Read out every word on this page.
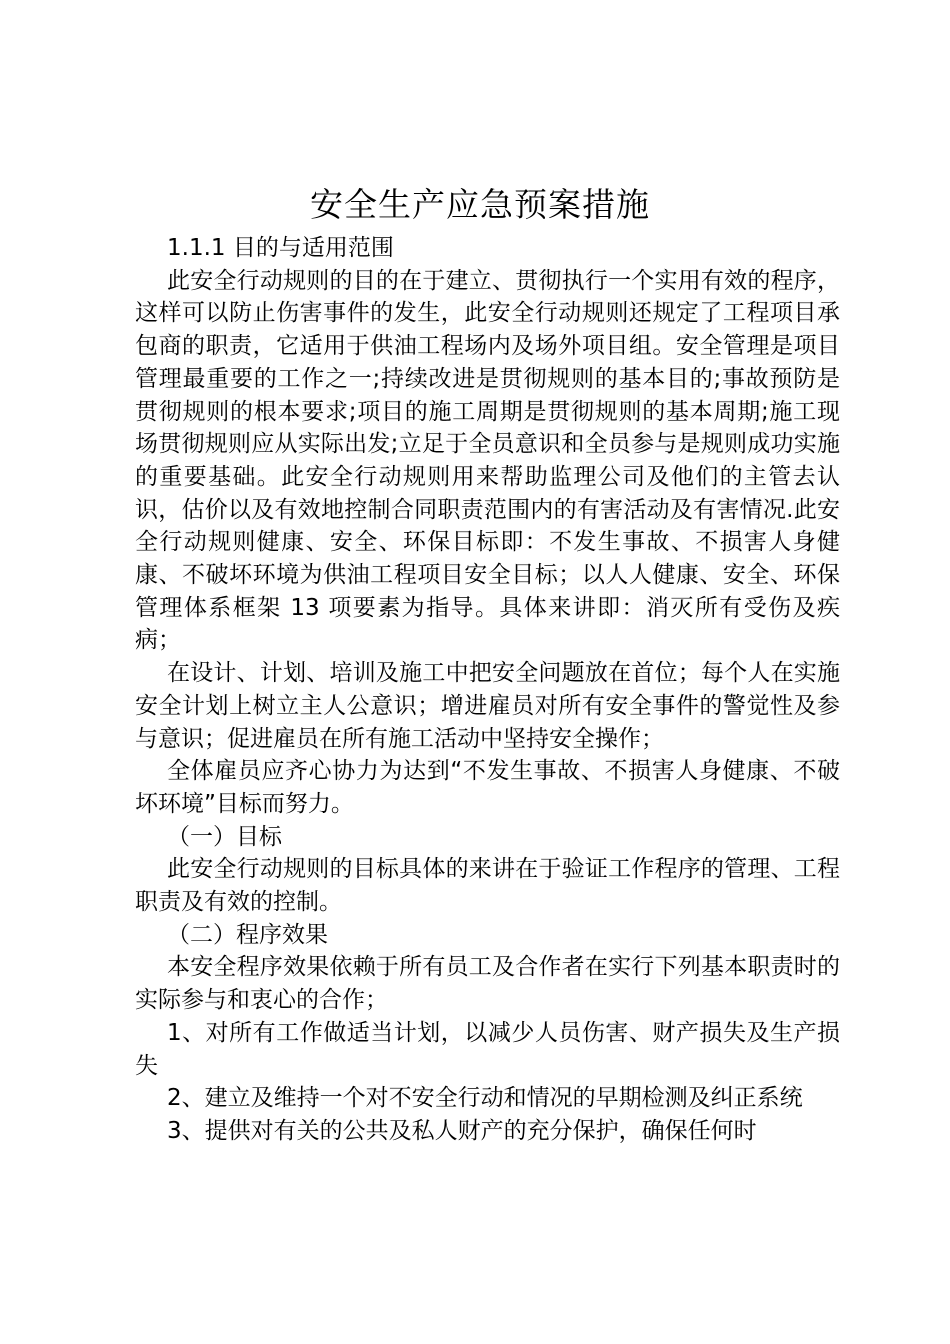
安全生产应急预案措施

1.1.1 目的与适用范围

此安全行动规则的目的在于建立、贯彻执行一个实用有效的程序，这样可以防止伤害事件的发生，此安全行动规则还规定了工程项目承包商的职责，它适用于供油工程场内及场外项目组。安全管理是项目管理最重要的工作之一;持续改进是贯彻规则的基本目的;事故预防是贯彻规则的根本要求;项目的施工周期是贯彻规则的基本周期;施工现场贯彻规则应从实际出发;立足于全员意识和全员参与是规则成功实施的重要基础。此安全行动规则用来帮助监理公司及他们的主管去认识，估价以及有效地控制合同职责范围内的有害活动及有害情况.此安全行动规则健康、安全、环保目标即：不发生事故、不损害人身健康、不破坏环境为供油工程项目安全目标；以人人健康、安全、环保管理体系框架 13 项要素为指导。具体来讲即：消灭所有受伤及疾病；

在设计、计划、培训及施工中把安全问题放在首位；每个人在实施安全计划上树立主人公意识；增进雇员对所有安全事件的警觉性及参与意识；促进雇员在所有施工活动中坚持安全操作；

全体雇员应齐心协力为达到“不发生事故、不损害人身健康、不破坏环境”目标而努力。

（一）目标

此安全行动规则的目标具体的来讲在于验证工作程序的管理、工程职责及有效的控制。

（二）程序效果

本安全程序效果依赖于所有员工及合作者在实行下列基本职责时的实际参与和衷心的合作；

1、对所有工作做适当计划，以减少人员伤害、财产损失及生产损失

2、建立及维持一个对不安全行动和情况的早期检测及纠正系统

3、提供对有关的公共及私人财产的充分保护，确保任何时
